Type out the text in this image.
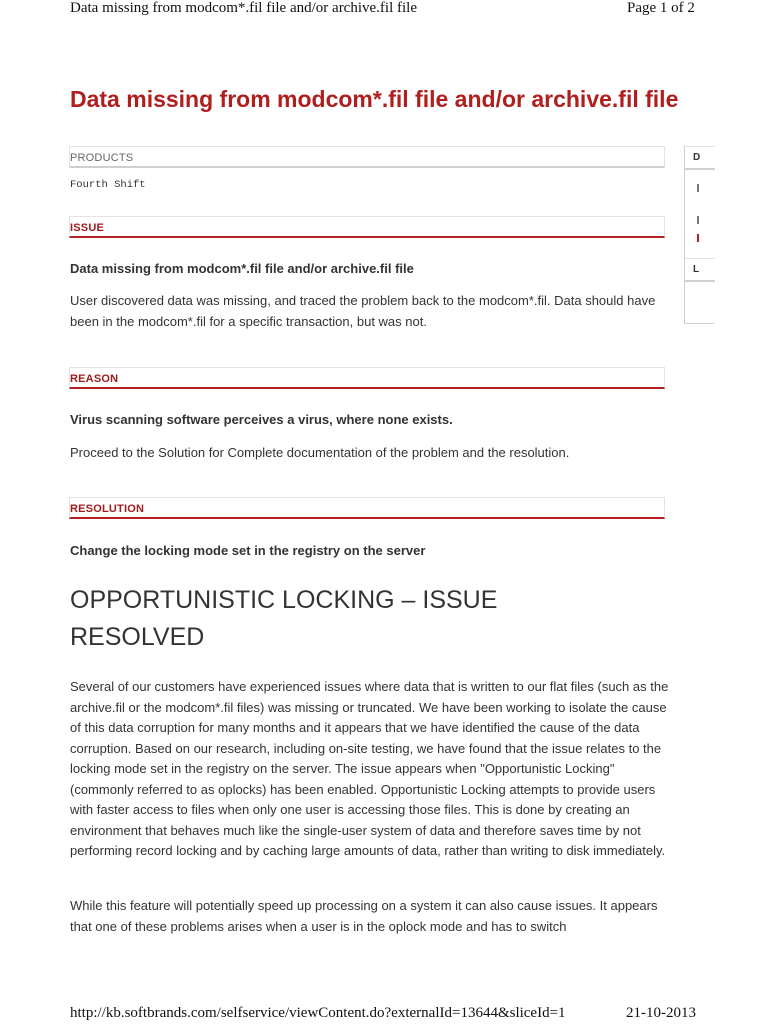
Data missing from modcom*.fil file and/or archive.fil file	Page 1 of 2
Data missing from modcom*.fil file and/or archive.fil file
PRODUCTS
Fourth Shift
ISSUE
Data missing from modcom*.fil file and/or archive.fil file

User discovered data was missing, and traced the problem back to the modcom*.fil. Data should have been in the modcom*.fil for a specific transaction, but was not.

REASON
Virus scanning software perceives a virus, where none exists.

Proceed to the Solution for Complete documentation of the problem and the resolution.

RESOLUTION
Change the locking mode set in the registry on the server
OPPORTUNISTIC LOCKING – ISSUE RESOLVED

Several of our customers have experienced issues where data that is written to our flat files (such as the archive.fil or the modcom*.fil files) was missing or truncated. We have been working to isolate the cause of this data corruption for many months and it appears that we have identified the cause of the data corruption. Based on our research, including on-site testing, we have found that the issue relates to the locking mode set in the registry on the server. The issue appears when "Opportunistic Locking" (commonly referred to as oplocks) has been enabled. Opportunistic Locking attempts to provide users with faster access to files when only one user is accessing those files. This is done by creating an environment that behaves much like the single-user system of data and therefore saves time by not performing record locking and by caching large amounts of data, rather than writing to disk immediately.

While this feature will potentially speed up processing on a system it can also cause issues. It appears that one of these problems arises when a user is in the oplock mode and has to switch

D
L
http://kb.softbrands.com/selfservice/viewContent.do?externalId=13644&sliceId=1	21-10-2013
